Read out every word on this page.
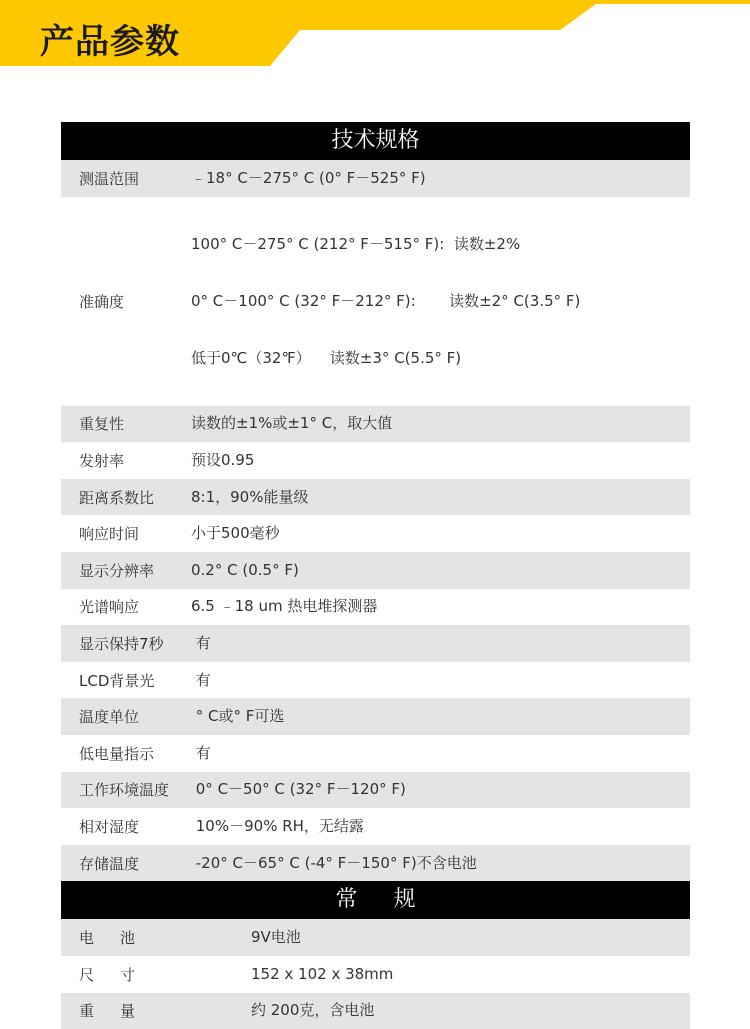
产品参数
技术规格
测温范围	﹣18° C－275° C (0° F－525° F)
准确度

100° C－275° C (212° F－515° F):  读数±2%

0° C－100° C (32° F－212° F):       读数±2° C(3.5° F)

低于0℃（32℉）    读数±3° C(5.5° F)

重复性	读数的±1%或±1° C，取大值
发射率	预设0.95
距离系数比	8:1，90%能量级
响应时间	小于500毫秒
显示分辨率	0.2° C (0.5° F)
光谱响应	6.5 ﹣18 um 热电堆探测器
显示保持7秒	有
LCD背景光	有
温度单位	° C或° F可选
低电量指示	有
工作环境温度	0° C－50° C (32° F－120° F)
相对湿度	10%－90% RH，无结露
存储温度	-20° C－65° C (-4° F－150° F)不含电池
常规
电池	9V电池
尺寸	152 x 102 x 38mm
重量	约 200克，含电池
